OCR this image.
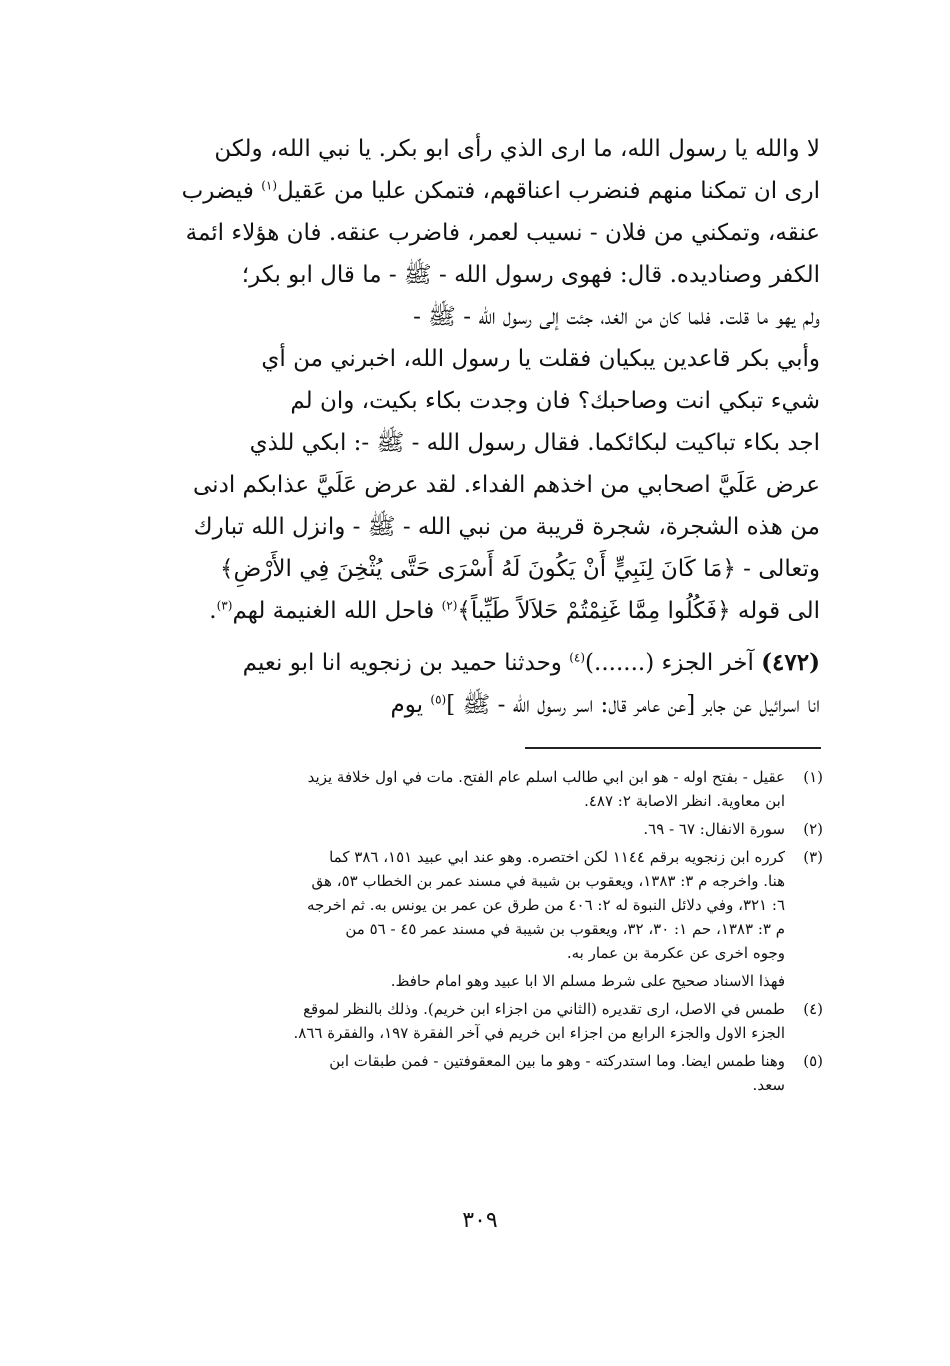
لا والله يا رسول الله، ما ارى الذي رأى ابو بكر. يا نبي الله، ولكن
ارى ان تمكنا منهم فنضرب اعناقهم، فتمكن عليا من عَقيل$^{(١)}$ فيضرب
عنقه، وتمكني من فلان - نسيب لعمر، فاضرب عنقه. فان هؤلاء ائمة
الكفر وصناديده. قال: فهوى رسول الله - ﷺ - ما قال ابو بكر؛
ولم يهو ما قلت. فلما كان من الغد، جئت إلى رسول الله - ﷺ -
وأبي بكر قاعدين يبكيان فقلت يا رسول الله، اخبرني من أي
شيء تبكي انت وصاحبك؟ فان وجدت بكاء بكيت، وان لم
اجد بكاء تباكيت لبكائكما. فقال رسول الله - ﷺ -: ابكي للذي
عرض عَلَيَّ اصحابي من اخذهم الفداء. لقد عرض عَلَيَّ عذابكم ادنى
من هذه الشجرة، شجرة قريبة من نبي الله - ﷺ - وانزل الله تبارك
وتعالى - ﴿مَا كَانَ لِنَبِيٍّ أَنْ يَكُونَ لَهُ أَسْرَى حَتَّى يُثْخِنَ فِي الأَرْضِ﴾
الى قوله ﴿فَكُلُوا مِمَّا غَنِمْتُمْ حَلاَلاً طَيِّباً﴾$^{(٢)}$ فاحل الله الغنيمة لهم$^{(٣)}$.
(٤٧٢) آخر الجزء (.......)$^{(٤)}$ وحدثنا حميد بن زنجويه انا ابو نعيم
انا اسرائيل عن جابر [عن عامر قال: اسر رسول الله - ﷺ ]$^{(٥)}$ يوم
(١)
عقيل - بفتح اوله - هو ابن ابي طالب اسلم عام الفتح. مات في اول خلافة يزيد
ابن معاوية. انظر الاصابة ٢: ٤٨٧.
(٢)
سورة الانفال: ٦٧ - ٦٩.
(٣)
كرره ابن زنجويه برقم ١١٤٤ لكن اختصره. وهو عند ابي عبيد ١٥١، ٣٨٦ كما
هنا. واخرجه م ٣: ١٣٨٣، ويعقوب بن شيبة في مسند عمر بن الخطاب ٥٣، هق
٦: ٣٢١، وفي دلائل النبوة له ٢: ٤٠٦ من طرق عن عمر بن يونس به. ثم اخرجه
م ٣: ١٣٨٣، حم ١: ٣٠، ٣٢، ويعقوب بن شيبة في مسند عمر ٤٥ - ٥٦ من
وجوه اخرى عن عكرمة بن عمار به.
فهذا الاسناد صحيح على شرط مسلم الا ابا عبيد وهو امام حافظ.
(٤)
طمس في الاصل، ارى تقديره (الثاني من اجزاء ابن خريم). وذلك بالنظر لموقع
الجزء الاول والجزء الرابع من اجزاء ابن خريم في آخر الفقرة ١٩٧، والفقرة ٨٦٦.
(٥)
وهنا طمس ايضا. وما استدركته - وهو ما بين المعقوفتين - فمن طبقات ابن
سعد.
٣٠٩
